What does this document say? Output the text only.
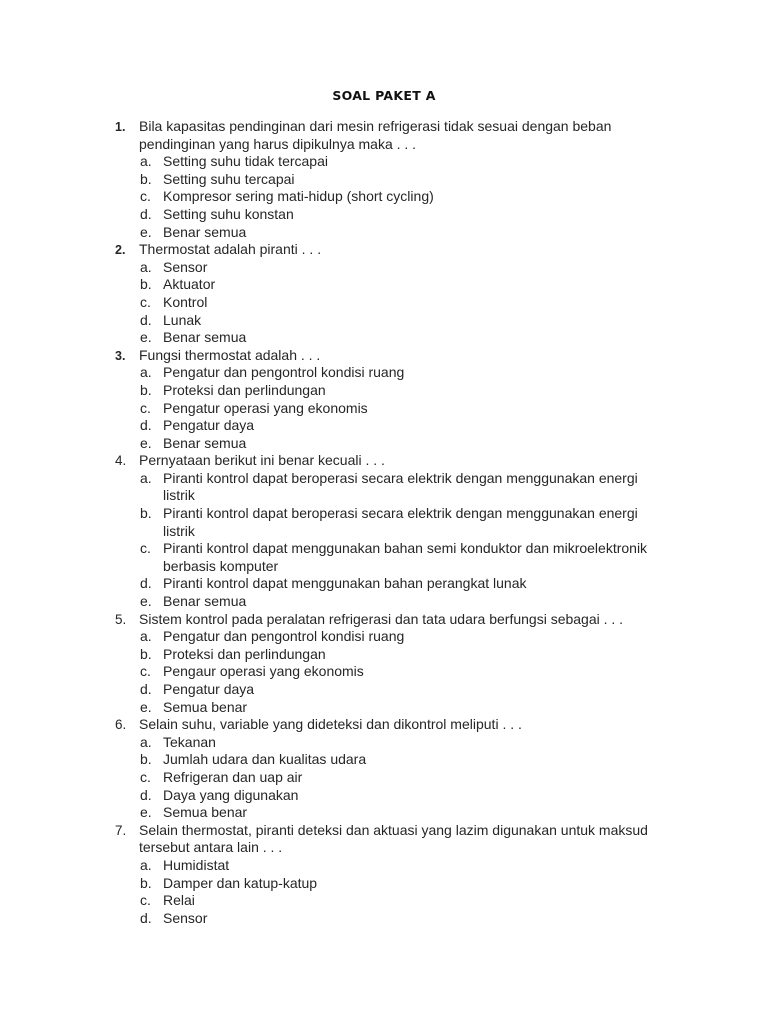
SOAL PAKET A
1. Bila kapasitas pendinginan dari mesin refrigerasi tidak sesuai dengan beban pendinginan yang harus dipikulnya maka . . .
a. Setting suhu tidak tercapai
b. Setting suhu tercapai
c. Kompresor sering mati-hidup (short cycling)
d. Setting suhu konstan
e. Benar semua
2. Thermostat adalah piranti . . .
a. Sensor
b. Aktuator
c. Kontrol
d. Lunak
e. Benar semua
3. Fungsi thermostat adalah . . .
a. Pengatur dan pengontrol kondisi ruang
b. Proteksi dan perlindungan
c. Pengatur operasi yang ekonomis
d. Pengatur daya
e. Benar semua
4. Pernyataan berikut ini benar kecuali . . .
a. Piranti kontrol dapat beroperasi secara elektrik dengan menggunakan energi listrik
b. Piranti kontrol dapat beroperasi secara elektrik dengan menggunakan energi listrik
c. Piranti kontrol dapat menggunakan bahan semi konduktor dan mikroelektronik berbasis komputer
d. Piranti kontrol dapat menggunakan bahan perangkat lunak
e. Benar semua
5. Sistem kontrol pada peralatan refrigerasi dan tata udara berfungsi sebagai . . .
a. Pengatur dan pengontrol kondisi ruang
b. Proteksi dan perlindungan
c. Pengaur operasi yang ekonomis
d. Pengatur daya
e. Semua benar
6. Selain suhu, variable yang dideteksi dan dikontrol meliputi . . .
a. Tekanan
b. Jumlah udara dan kualitas udara
c. Refrigeran dan uap air
d. Daya yang digunakan
e. Semua benar
7. Selain thermostat, piranti deteksi dan aktuasi yang lazim digunakan untuk maksud tersebut antara lain . . .
a. Humidistat
b. Damper dan katup-katup
c. Relai
d. Sensor
